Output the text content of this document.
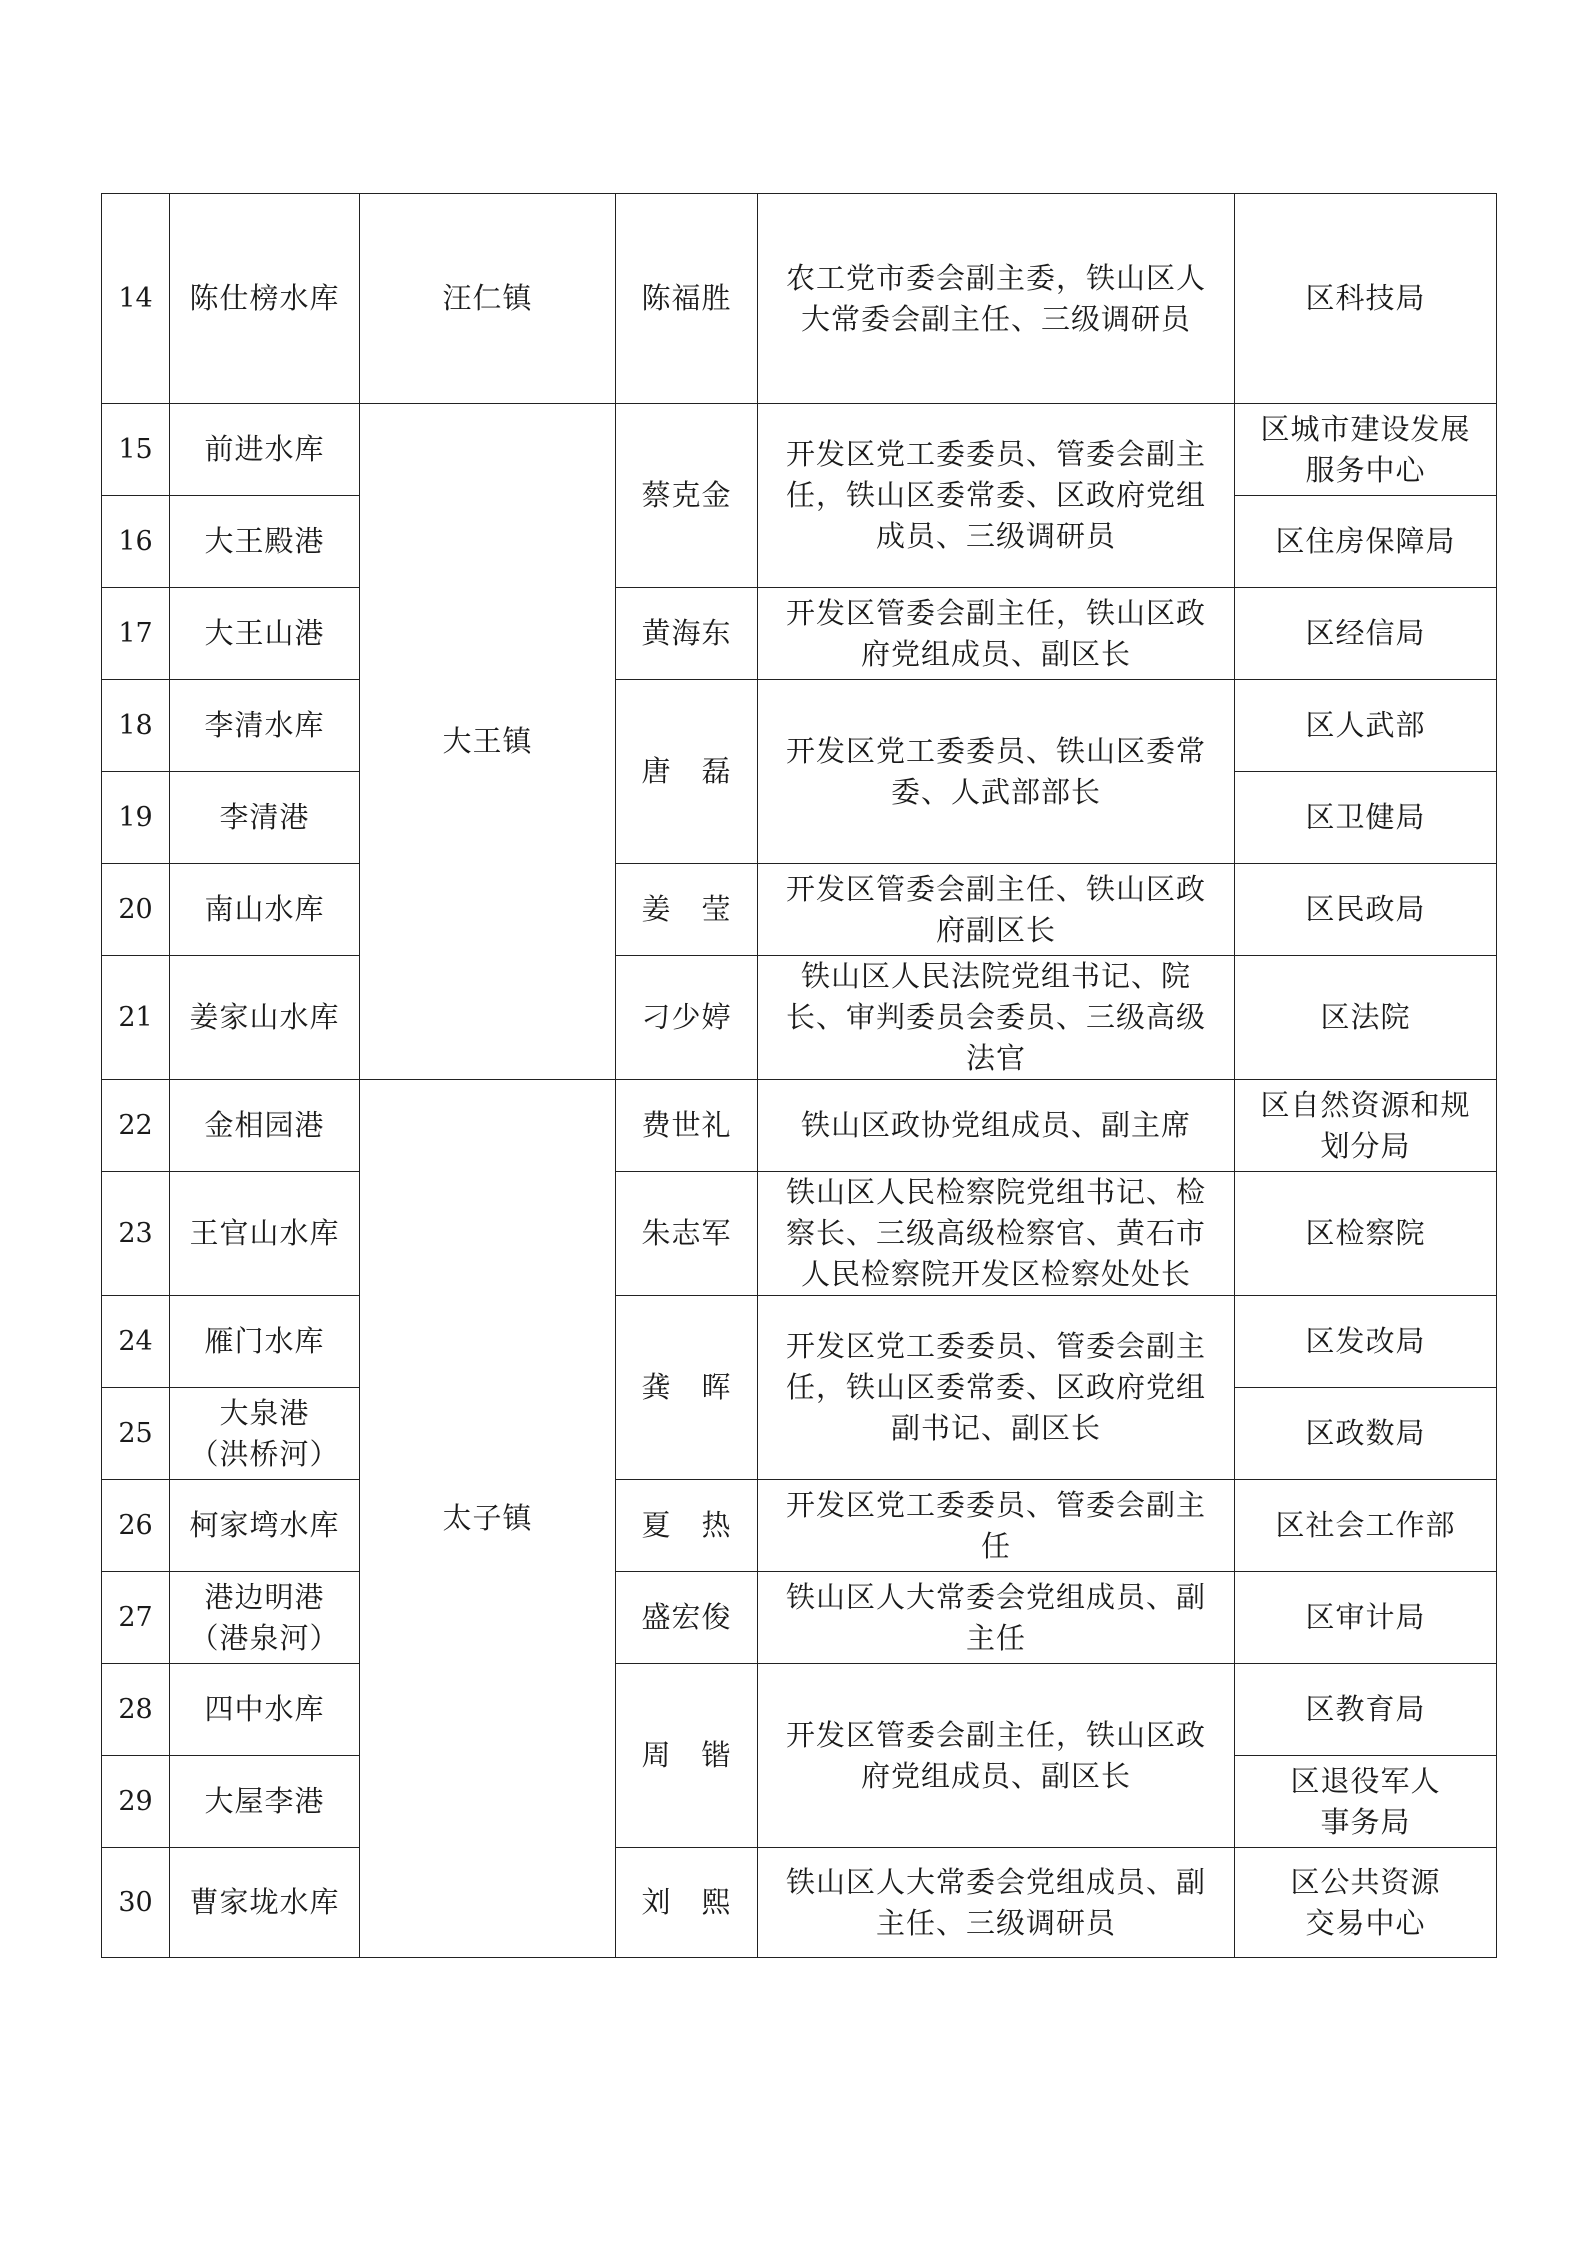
14	陈仕榜水库	汪仁镇	陈福胜	农工党市委会副主委，铁山区人
大常委会副主任、三级调研员	区科技局

15	前进水库	大王镇	蔡克金	开发区党工委委员、管委会副主
任，铁山区委常委、区政府党组
成员、三级调研员	区城市建设发展
服务中心

16	大王殿港				区住房保障局

17	大王山港		黄海东	开发区管委会副主任，铁山区政
府党组成员、副区长	区经信局

18	李清水库		唐　磊	开发区党工委委员、铁山区委常
委、人武部部长	区人武部

19	李清港				区卫健局

20	南山水库		姜　莹	开发区管委会副主任、铁山区政
府副区长	区民政局

21	姜家山水库		刁少婷	铁山区人民法院党组书记、院
长、审判委员会委员、三级高级
法官	区法院

22	金相园港	太子镇	费世礼	铁山区政协党组成员、副主席	区自然资源和规
划分局

23	王官山水库		朱志军	铁山区人民检察院党组书记、检
察长、三级高级检察官、黄石市
人民检察院开发区检察处处长	区检察院

24	雁门水库		龚　晖	开发区党工委委员、管委会副主
任，铁山区委常委、区政府党组
副书记、副区长	区发改局

25	大泉港
（洪桥河）				区政数局

26	柯家塆水库		夏　热	开发区党工委委员、管委会副主
任	区社会工作部

27	港边明港
（港泉河）		盛宏俊	铁山区人大常委会党组成员、副
主任	区审计局

28	四中水库		周　锴	开发区管委会副主任，铁山区政
府党组成员、副区长	区教育局

29	大屋李港				区退役军人
事务局

30	曹家垅水库		刘　熙	铁山区人大常委会党组成员、副
主任、三级调研员	区公共资源
交易中心
